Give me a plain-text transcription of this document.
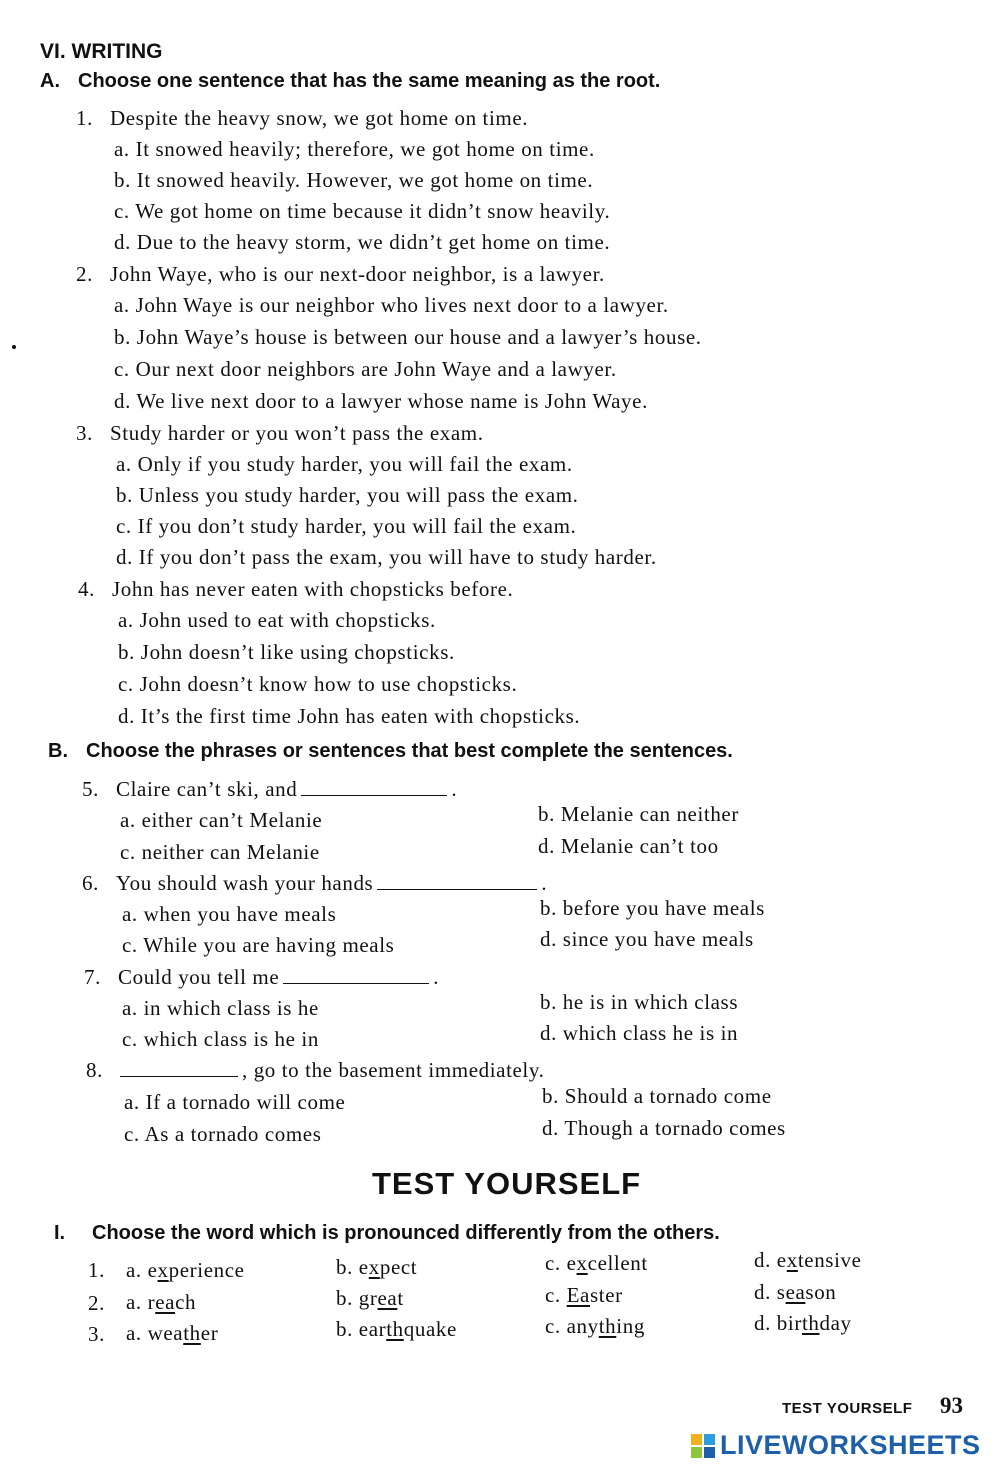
VI. WRITING
A. Choose one sentence that has the same meaning as the root.
1. Despite the heavy snow, we got home on time.
a. It snowed heavily; therefore, we got home on time.
b. It snowed heavily. However, we got home on time.
c. We got home on time because it didn’t snow heavily.
d. Due to the heavy storm, we didn’t get home on time.
2. John Waye, who is our next-door neighbor, is a lawyer.
a. John Waye is our neighbor who lives next door to a lawyer.
b. John Waye’s house is between our house and a lawyer’s house.
c. Our next door neighbors are John Waye and a lawyer.
d. We live next door to a lawyer whose name is John Waye.
3. Study harder or you won’t pass the exam.
a. Only if you study harder, you will fail the exam.
b. Unless you study harder, you will pass the exam.
c. If you don’t study harder, you will fail the exam.
d. If you don’t pass the exam, you will have to study harder.
4. John has never eaten with chopsticks before.
a. John used to eat with chopsticks.
b. John doesn’t like using chopsticks.
c. John doesn’t know how to use chopsticks.
d. It’s the first time John has eaten with chopsticks.
B. Choose the phrases or sentences that best complete the sentences.
5. Claire can’t ski, and	.
a. either can’t Melanie	b. Melanie can neither
c. neither can Melanie	d. Melanie can’t too
6. You should wash your hands	.
a. when you have meals	b. before you have meals
c. While you are having meals	d. since you have meals
7. Could you tell me	.
a. in which class is he	b. he is in which class
c. which class is he in	d. which class he is in
8.	, go to the basement immediately.
a. If a tornado will come	b. Should a tornado come
c. As a tornado comes	d. Though a tornado comes
TEST YOURSELF
I. Choose the word which is pronounced differently from the others.
1. a. experience	b. expect	c. excellent	d. extensive
2. a. reach	b. great	c. Easter	d. season
3. a. weather	b. earthquake	c. anything	d. birthday
TEST YOURSELF 93
LIVEWORKSHEETS
